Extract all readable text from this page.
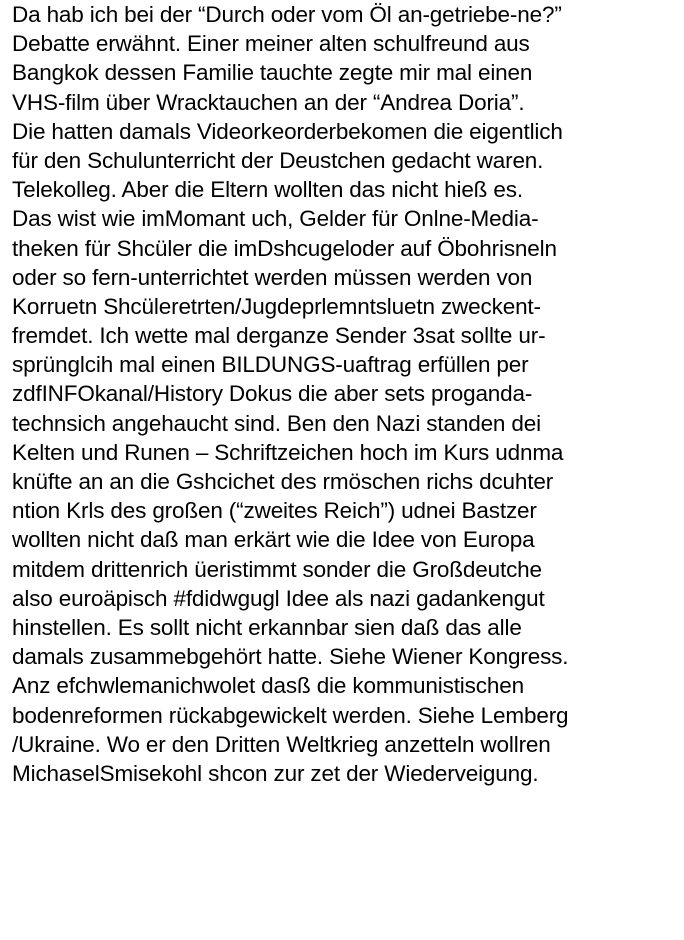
Da hab ich bei der “Durch oder vom Öl an-getriebe-ne?”
Debatte erwähnt. Einer meiner alten schulfreund aus
Bangkok dessen Familie tauchte zegte mir mal einen
VHS-film über Wracktauchen an der “Andrea Doria”.
Die hatten damals Videorkeorderbekomen die eigentlich
für den Schulunterricht der Deustchen gedacht waren.
Telekolleg. Aber die Eltern wollten das nicht hieß es.
Das wist wie imMomant uch, Gelder für Onlne-Media-
theken für Shcüler die imDshcugeloder auf Öbohrisneln
oder so fern-unterrichtet werden müssen werden von
Korruetn Shcüleretrten/Jugdeprlemntsluetn zweckent-
fremdet. Ich wette mal derganze Sender 3sat sollte ur-
sprünglcih mal einen BILDUNGS-uaftrag erfüllen per
zdfINFOkanal/History Dokus die aber sets proganda-
technsich angehaucht sind. Ben den Nazi standen dei
Kelten und Runen – Schriftzeichen hoch im Kurs udnma
knüfte an an die Gshcichet des rmöschen richs dcuhter
ntion Krls des großen (“zweites Reich”) udnei Bastzer
wollten nicht daß man erkärt wie die Idee von Europa
mitdem drittenrich üeristimmt sonder die Großdeutche
also euroäpisch #fdidwgugl Idee als nazi gadankengut
hinstellen. Es sollt nicht erkannbar sien daß das alle
damals zusammebgehört hatte. Siehe Wiener Kongress.
Anz efchwlemanichwolet dasß die kommunistischen
bodenreformen rückabgewickelt werden. Siehe Lemberg
/Ukraine. Wo er den Dritten Weltkrieg anzetteln wollren
MichaselSmisekohl shcon zur zet der Wiederveigung.
